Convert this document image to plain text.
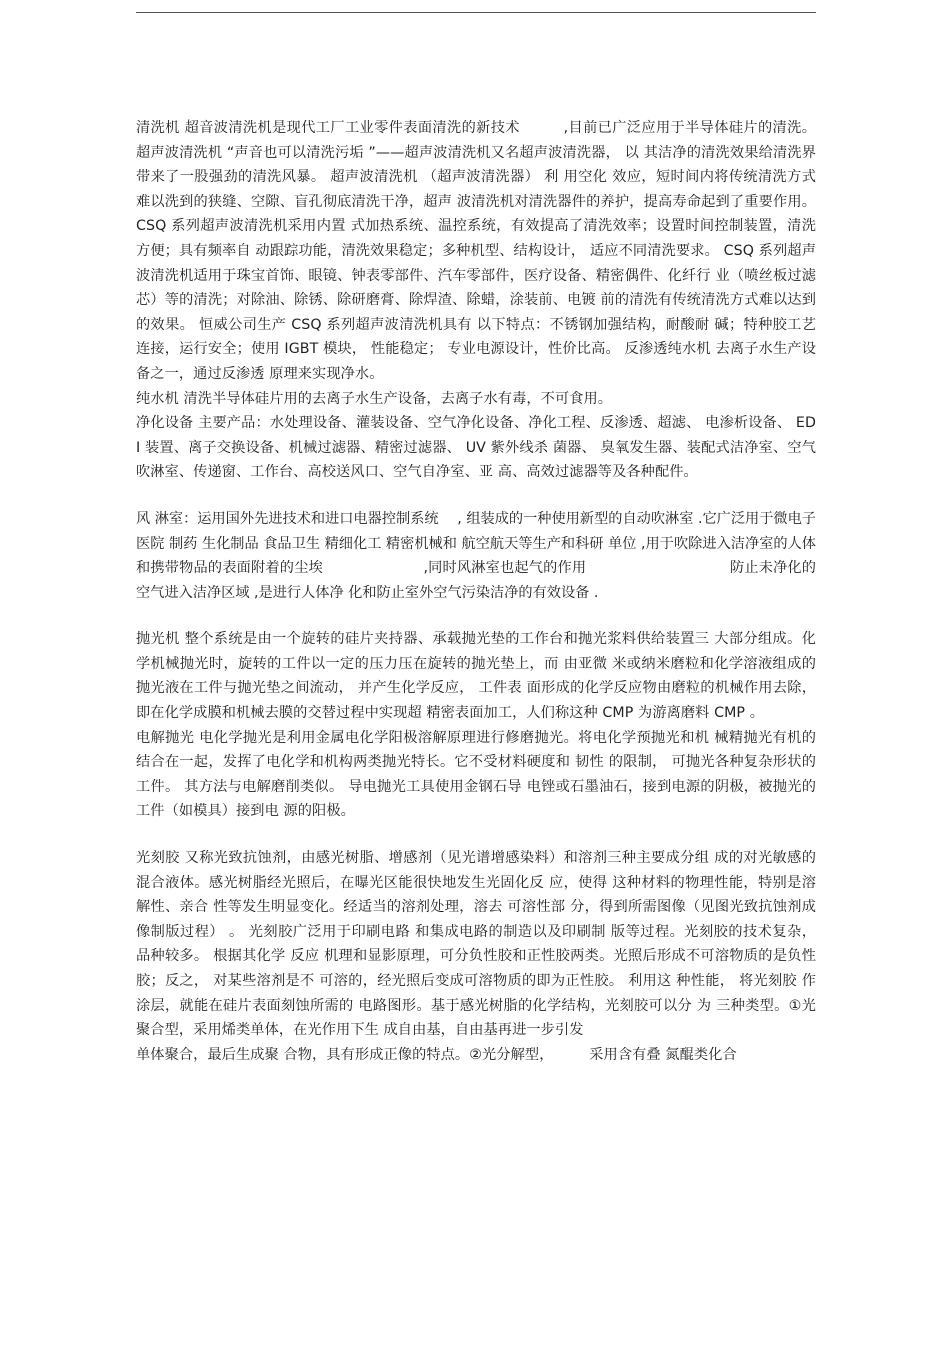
清洗机 超音波清洗机是现代工厂工业零件表面清洗的新技术　　　,目前已广泛应用于半导体硅片的清洗。 超声波清洗机 “声音也可以清洗污垢 ”——超声波清洗机又名超声波清洗器， 以 其洁净的清洗效果给清洗界带来了一股强劲的清洗风暴。 超声波清洗机 （超声波清洗器） 利 用空化 效应，短时间内将传统清洗方式难以洗到的狭缝、空隙、盲孔彻底清洗干净，超声 波清洗机对清洗器件的养护，提高寿命起到了重要作用。 CSQ 系列超声波清洗机采用内置 式加热系统、温控系统，有效提高了清洗效率；设置时间控制装置，清洗方便；具有频率自 动跟踪功能，清洗效果稳定；多种机型、结构设计， 适应不同清洗要求。 CSQ 系列超声 波清洗机适用于珠宝首饰、眼镜、钟表零部件、汽车零部件，医疗设备、精密偶件、化纤行 业（喷丝板过滤芯）等的清洗；对除油、除锈、除研磨膏、除焊渣、除蜡，涂装前、电镀 前的清洗有传统清洗方式难以达到的效果。 恒威公司生产 CSQ 系列超声波清洗机具有 以下特点：不锈钢加强结构，耐酸耐 碱；特种胶工艺连接，运行安全；使用 IGBT 模块， 性能稳定； 专业电源设计，性价比高。 反渗透纯水机 去离子水生产设备之一，通过反渗透 原理来实现净水。

纯水机 清洗半导体硅片用的去离子水生产设备，去离子水有毒，不可食用。

净化设备 主要产品：水处理设备、灌装设备、空气净化设备、净化工程、反渗透、超滤、 电渗析设备、 EDI 装置、离子交换设备、机械过滤器、精密过滤器、 UV 紫外线杀 菌器、 臭氧发生器、装配式洁净室、空气吹淋室、传递窗、工作台、高校送风口、空气自净室、亚 高、高效过滤器等及各种配件。

风 淋室：运用国外先进技术和进口电器控制系统　 , 组装成的一种使用新型的自动吹淋室 .它广泛用于微电子医院 制药 生化制品 食品卫生 精细化工 精密机械和 航空航天等生产和科研 单位 ,用于吹除进入洁净室的人体和携带物品的表面附着的尘埃　　　　　　　,同时风淋室也起气的作用　　　　　　　　　　防止未净化的空气进入洁净区域 ,是进行人体净 化和防止室外空气污染洁净的有效设备 .

抛光机 整个系统是由一个旋转的硅片夹持器、承载抛光垫的工作台和抛光浆料供给装置三 大部分组成。化学机械抛光时，旋转的工件以一定的压力压在旋转的抛光垫上，而 由亚微 米或纳米磨粒和化学溶液组成的抛光液在工件与抛光垫之间流动， 并产生化学反应， 工件表 面形成的化学反应物由磨粒的机械作用去除， 即在化学成膜和机械去膜的交替过程中实现超 精密表面加工，人们称这种 CMP 为游离磨料 CMP 。

电解抛光 电化学抛光是利用金属电化学阳极溶解原理进行修磨抛光。将电化学预抛光和机 械精抛光有机的结合在一起，发挥了电化学和机构两类抛光特长。它不受材料硬度和 韧性 的限制， 可抛光各种复杂形状的工件。 其方法与电解磨削类似。 导电抛光工具使用金钢石导 电锉或石墨油石，接到电源的阴极，被抛光的工件（如模具）接到电 源的阳极。

光刻胶 又称光致抗蚀剂，由感光树脂、增感剂（见光谱增感染料）和溶剂三种主要成分组 成的对光敏感的混合液体。感光树脂经光照后，在曝光区能很快地发生光固化反 应，使得 这种材料的物理性能，特别是溶解性、亲合 性等发生明显变化。经适当的溶剂处理，溶去 可溶性部 分，得到所需图像（见图光致抗蚀剂成像制版过程） 。 光刻胶广泛用于印刷电路 和集成电路的制造以及印刷制 版等过程。光刻胶的技术复杂， 品种较多。 根据其化学 反应 机理和显影原理，可分负性胶和正性胶两类。光照后形成不可溶物质的是负性胶；反之， 对某些溶剂是不 可溶的，经光照后变成可溶物质的即为正性胶。 利用这 种性能， 将光刻胶 作涂层，就能在硅片表面刻蚀所需的 电路图形。基于感光树脂的化学结构，光刻胶可以分 为 三种类型。①光聚合型，采用烯类单体，在光作用下生 成自由基，自由基再进一步引发

单体聚合，最后生成聚 合物，具有形成正像的特点。②光分解型，　　　采用含有叠 氮醌类化合
